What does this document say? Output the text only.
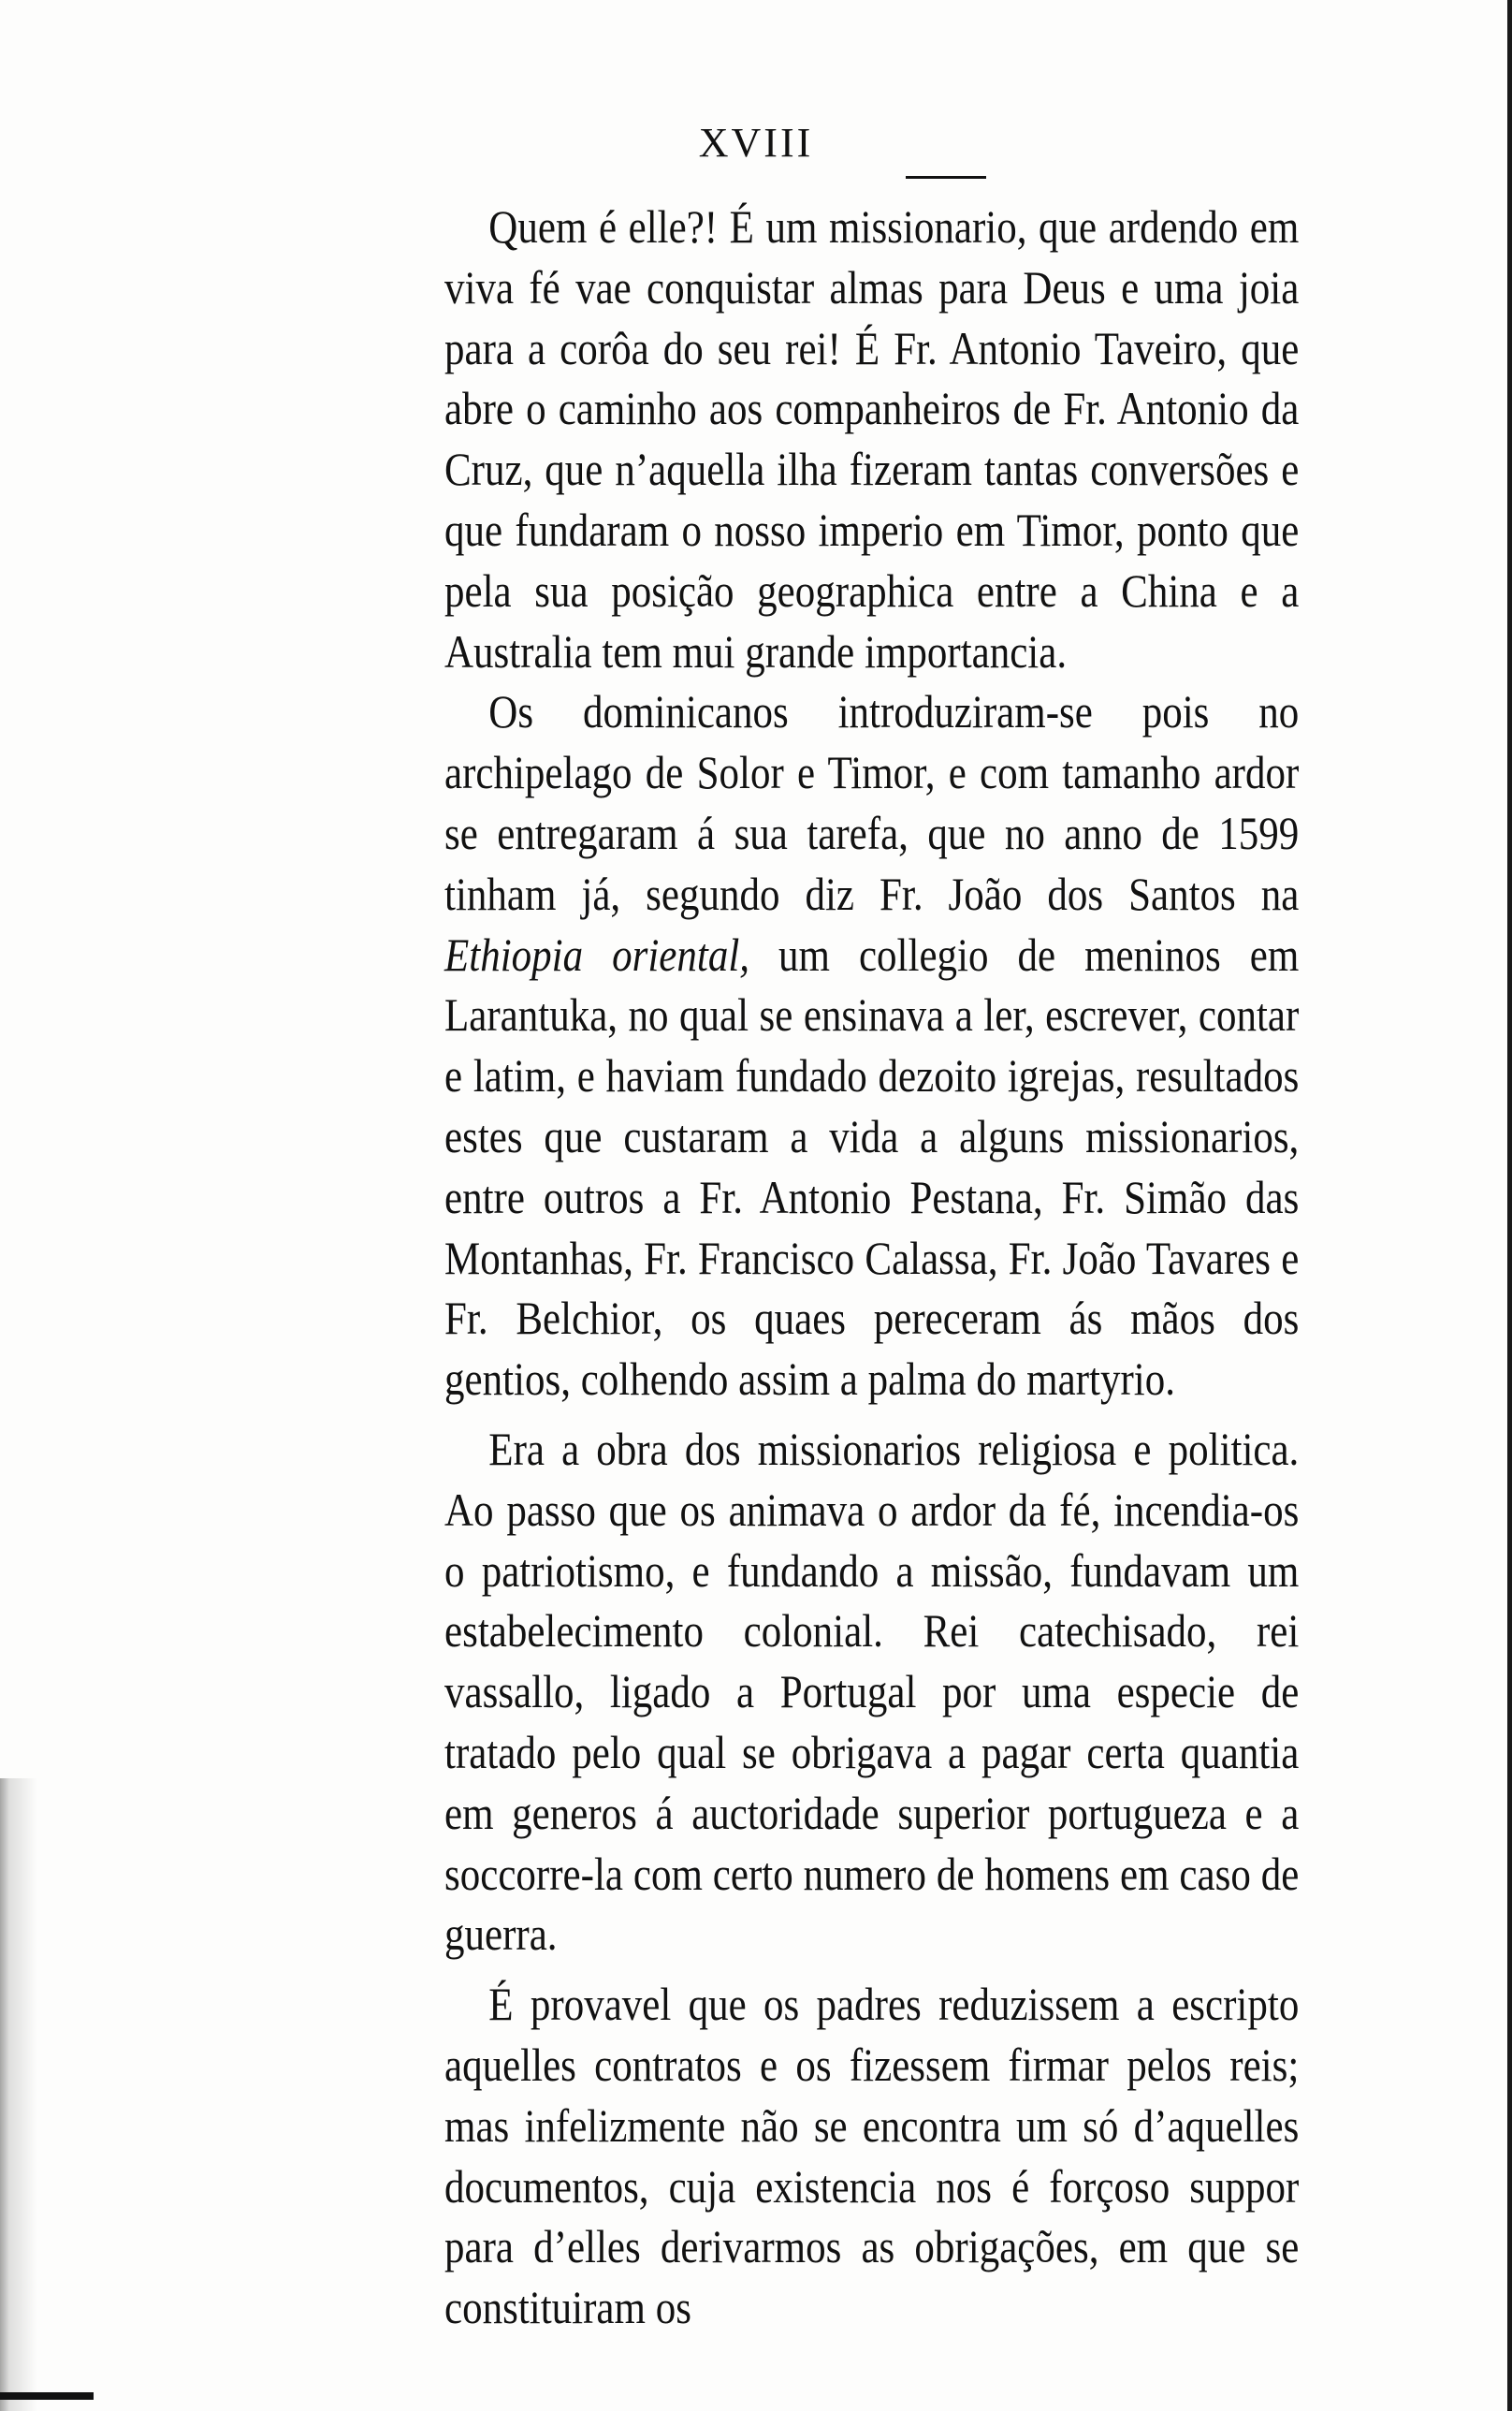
XVIII

Quem é elle?! É um missionario, que ardendo em viva fé vae conquistar almas para Deus e uma joia para a corôa do seu rei! É Fr. Antonio Taveiro, que abre o caminho aos companheiros de Fr. Antonio da Cruz, que n’aquella ilha fizeram tantas conversões e que fundaram o nosso imperio em Timor, ponto que pela sua posição geographica entre a China e a Australia tem mui grande importancia.

Os dominicanos introduziram-se pois no archipelago de Solor e Timor, e com tamanho ardor se entregaram á sua tarefa, que no anno de 1599 tinham já, segundo diz Fr. João dos Santos na Ethiopia oriental, um collegio de meninos em Larantuka, no qual se ensinava a ler, escrever, contar e latim, e haviam fundado dezoito igrejas, resultados estes que custaram a vida a alguns missionarios, entre outros a Fr. Antonio Pestana, Fr. Simão das Montanhas, Fr. Francisco Calassa, Fr. João Tavares e Fr. Belchior, os quaes pereceram ás mãos dos gentios, colhendo assim a palma do martyrio.

Era a obra dos missionarios religiosa e politica. Ao passo que os animava o ardor da fé, incendia-os o patriotismo, e fundando a missão, fundavam um estabelecimento colonial. Rei catechisado, rei vassallo, ligado a Portugal por uma especie de tratado pelo qual se obrigava a pagar certa quantia em generos á auctoridade superior portugueza e a soccorre-la com certo numero de homens em caso de guerra.

É provavel que os padres reduzissem a escripto aquelles contratos e os fizessem firmar pelos reis; mas infelizmente não se encontra um só d’aquelles documentos, cuja existencia nos é forçoso suppor para d’elles derivarmos as obrigações, em que se constituiram os
